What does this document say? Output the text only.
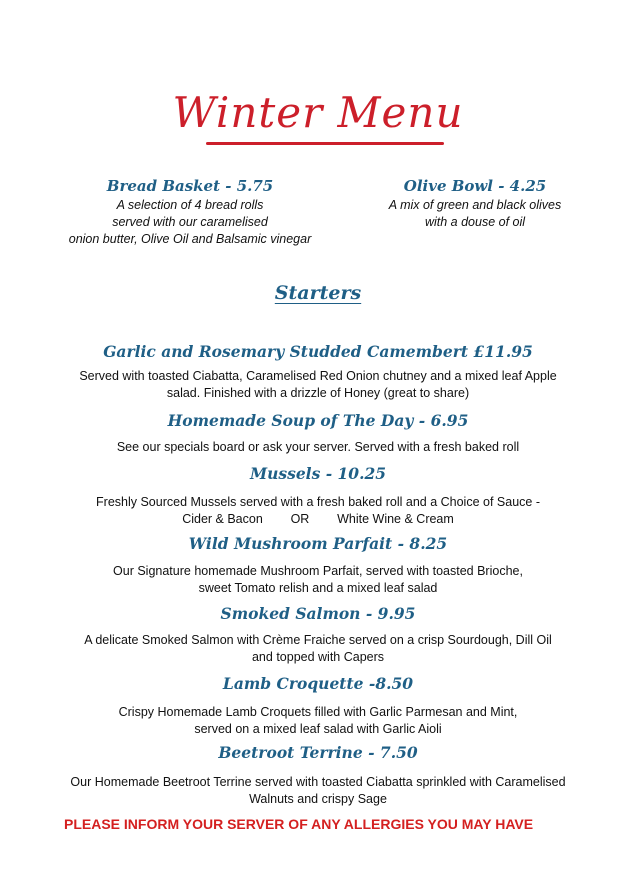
Winter Menu
Bread Basket - 5.75
A selection of 4 bread rolls
served with our caramelised
onion butter, Olive Oil and Balsamic vinegar
Olive Bowl - 4.25
A mix of green and black olives
with a douse of oil
Starters
Garlic and Rosemary Studded Camembert £11.95
Served with toasted Ciabatta, Caramelised Red Onion chutney and a mixed leaf Apple
salad. Finished with a drizzle of Honey (great to share)
Homemade Soup of The Day - 6.95
See our specials board or ask your server. Served with a fresh baked roll
Mussels - 10.25
Freshly Sourced Mussels served with a fresh baked roll and a Choice of Sauce -
Cider & Bacon        OR        White Wine & Cream
Wild Mushroom Parfait - 8.25
Our Signature homemade Mushroom Parfait, served with toasted Brioche,
sweet Tomato relish and a mixed leaf salad
Smoked Salmon - 9.95
A delicate Smoked Salmon with Crème Fraiche served on a crisp Sourdough, Dill Oil
and topped with Capers
Lamb Croquette -8.50
Crispy Homemade Lamb Croquets filled with Garlic Parmesan and Mint,
served on a mixed leaf salad with Garlic Aioli
Beetroot Terrine - 7.50
Our Homemade Beetroot Terrine served with toasted Ciabatta sprinkled with Caramelised
Walnuts and crispy Sage
PLEASE INFORM YOUR SERVER OF ANY ALLERGIES YOU MAY HAVE
